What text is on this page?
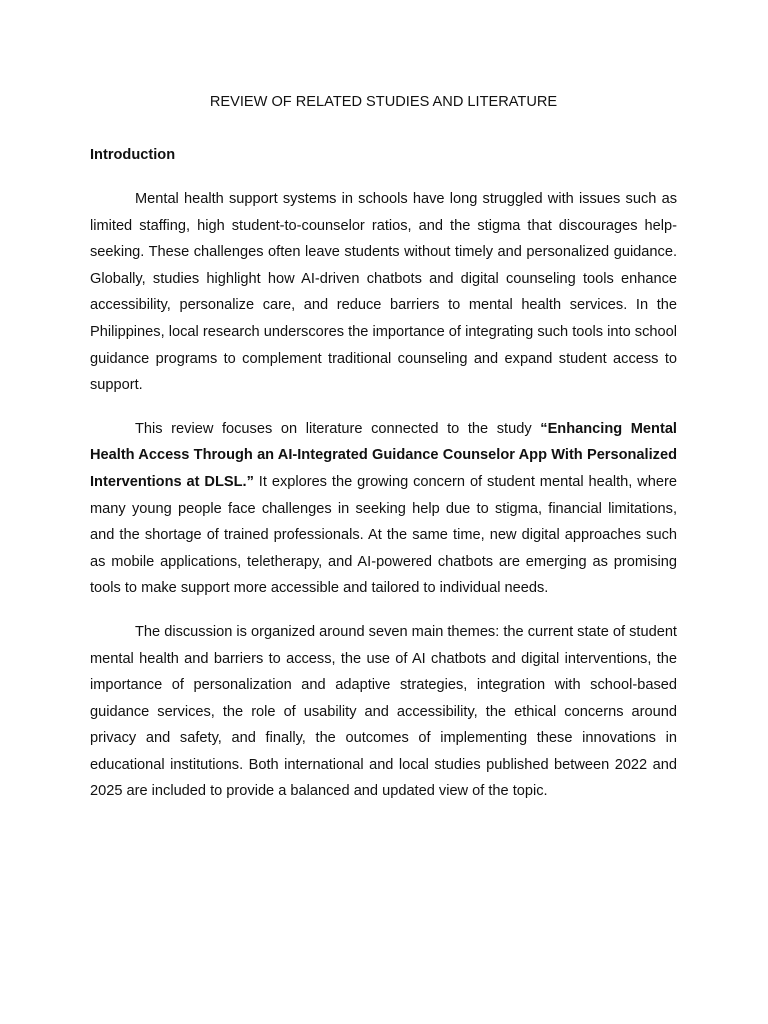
REVIEW OF RELATED STUDIES AND LITERATURE
Introduction

Mental health support systems in schools have long struggled with issues such as limited staffing, high student-to-counselor ratios, and the stigma that discourages help-seeking. These challenges often leave students without timely and personalized guidance. Globally, studies highlight how AI-driven chatbots and digital counseling tools enhance accessibility, personalize care, and reduce barriers to mental health services. In the Philippines, local research underscores the importance of integrating such tools into school guidance programs to complement traditional counseling and expand student access to support.

This review focuses on literature connected to the study “Enhancing Mental Health Access Through an AI-Integrated Guidance Counselor App With Personalized Interventions at DLSL.” It explores the growing concern of student mental health, where many young people face challenges in seeking help due to stigma, financial limitations, and the shortage of trained professionals. At the same time, new digital approaches such as mobile applications, teletherapy, and AI-powered chatbots are emerging as promising tools to make support more accessible and tailored to individual needs.

The discussion is organized around seven main themes: the current state of student mental health and barriers to access, the use of AI chatbots and digital interventions, the importance of personalization and adaptive strategies, integration with school-based guidance services, the role of usability and accessibility, the ethical concerns around privacy and safety, and finally, the outcomes of implementing these innovations in educational institutions. Both international and local studies published between 2022 and 2025 are included to provide a balanced and updated view of the topic.
